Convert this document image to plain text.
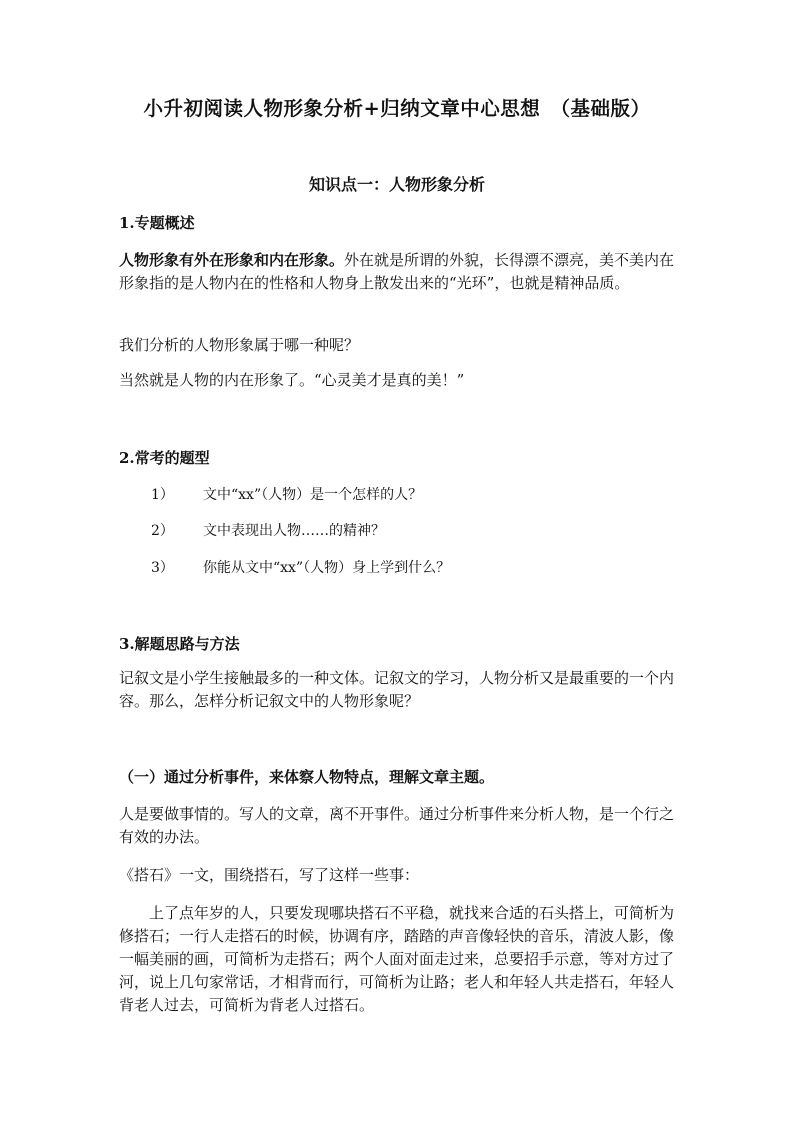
小升初阅读人物形象分析+归纳文章中心思想　（基础版）
知识点一：人物形象分析
1.专题概述
人物形象有外在形象和内在形象。外在就是所谓的外貌，长得漂不漂亮，美不美内在形象指的是人物内在的性格和人物身上散发出来的“光环”，也就是精神品质。
我们分析的人物形象属于哪一种呢？
当然就是人物的内在形象了。“心灵美才是真的美！”
2.常考的题型
1） 文中“xx”（人物）是一个怎样的人？
2） 文中表现出人物……的精神？
3） 你能从文中“xx”（人物）身上学到什么？
3.解题思路与方法
记叙文是小学生接触最多的一种文体。记叙文的学习，人物分析又是最重要的一个内容。那么，怎样分析记叙文中的人物形象呢？
（一）通过分析事件，来体察人物特点，理解文章主题。
人是要做事情的。写人的文章，离不开事件。通过分析事件来分析人物，是一个行之有效的办法。
《搭石》一文，围绕搭石，写了这样一些事：
上了点年岁的人，只要发现哪块搭石不平稳，就找来合适的石头搭上，可简析为修搭石；一行人走搭石的时候，协调有序，踏踏的声音像轻快的音乐，清波人影，像一幅美丽的画，可简析为走搭石；两个人面对面走过来，总要招手示意，等对方过了河，说上几句家常话，才相背而行，可简析为让路；老人和年轻人共走搭石，年轻人背老人过去，可简析为背老人过搭石。
